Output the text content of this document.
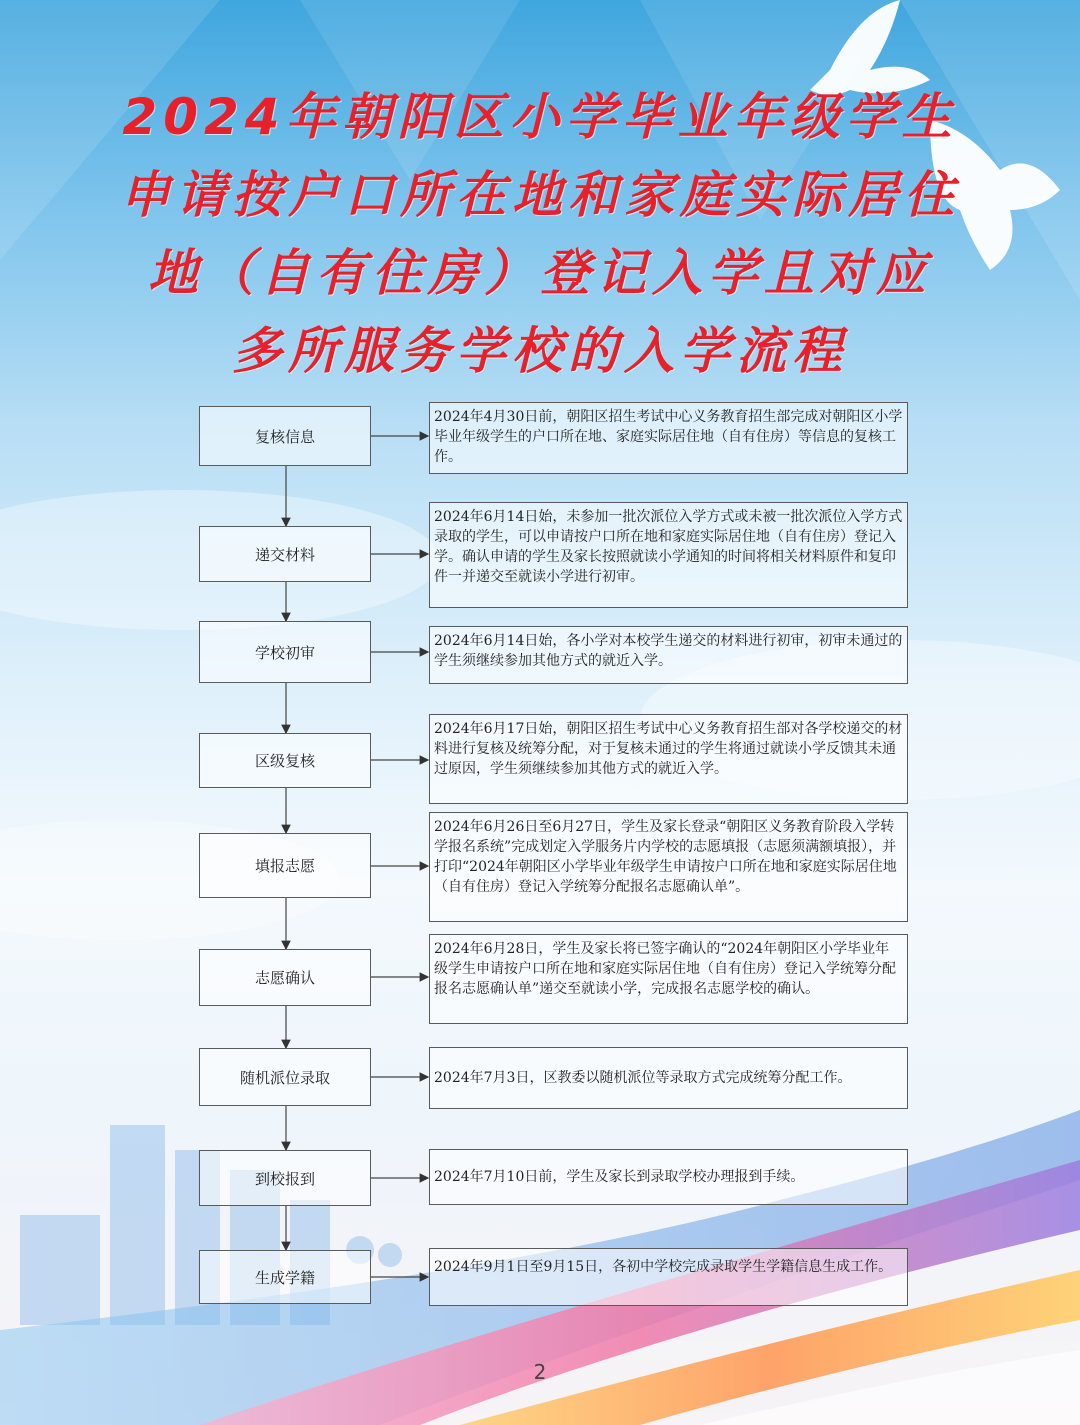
2024年朝阳区小学毕业年级学生
申请按户口所在地和家庭实际居住
地（自有住房）登记入学且对应
多所服务学校的入学流程
复核信息
递交材料
学校初审
区级复核
填报志愿
志愿确认
随机派位录取
到校报到
生成学籍
2024年4月30日前，朝阳区招生考试中心义务教育招生部完成对朝阳区小学毕业年级学生的户口所在地、家庭实际居住地（自有住房）等信息的复核工作。
2024年6月14日始，未参加一批次派位入学方式或未被一批次派位入学方式录取的学生，可以申请按户口所在地和家庭实际居住地（自有住房）登记入学。确认申请的学生及家长按照就读小学通知的时间将相关材料原件和复印件一并递交至就读小学进行初审。
2024年6月14日始，各小学对本校学生递交的材料进行初审，初审未通过的学生须继续参加其他方式的就近入学。
2024年6月17日始，朝阳区招生考试中心义务教育招生部对各学校递交的材料进行复核及统筹分配，对于复核未通过的学生将通过就读小学反馈其未通过原因，学生须继续参加其他方式的就近入学。
2024年6月26日至6月27日，学生及家长登录“朝阳区义务教育阶段入学转学报名系统”完成划定入学服务片内学校的志愿填报（志愿须满额填报），并打印“2024年朝阳区小学毕业年级学生申请按户口所在地和家庭实际居住地（自有住房）登记入学统筹分配报名志愿确认单”。
2024年6月28日，学生及家长将已签字确认的“2024年朝阳区小学毕业年级学生申请按户口所在地和家庭实际居住地（自有住房）登记入学统筹分配报名志愿确认单”递交至就读小学，完成报名志愿学校的确认。
2024年7月3日，区教委以随机派位等录取方式完成统筹分配工作。
2024年7月10日前，学生及家长到录取学校办理报到手续。
2024年9月1日至9月15日，各初中学校完成录取学生学籍信息生成工作。
2
